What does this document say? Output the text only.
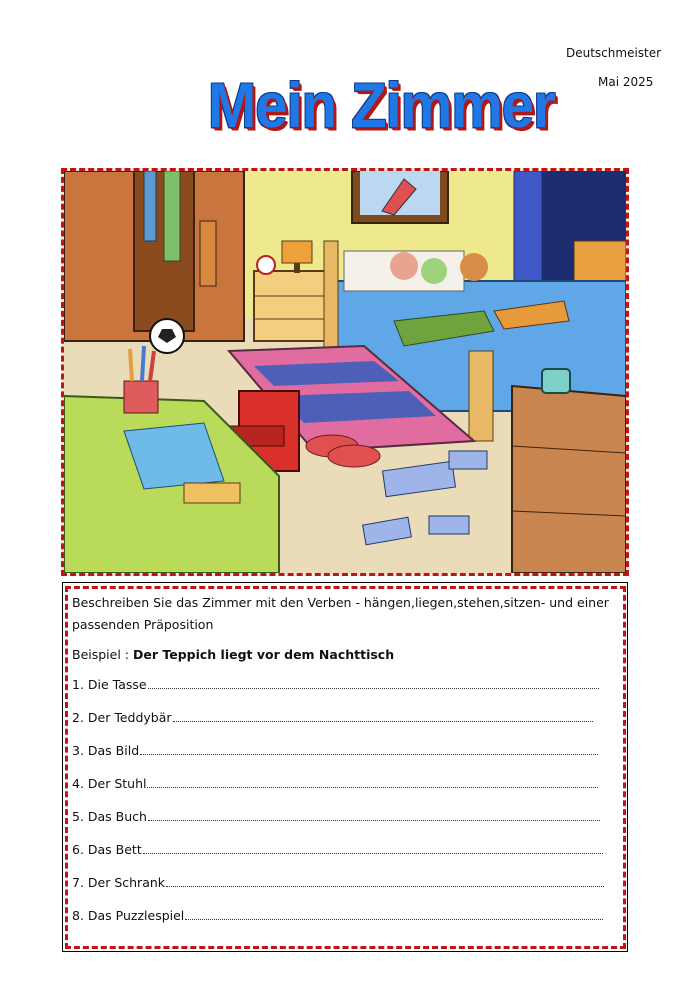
Deutschmeister
Mai 2025
Mein Zimmer
Beschreiben Sie das Zimmer mit den Verben - hängen,liegen,stehen,sitzen- und einer passenden Präposition
Beispiel : Der Teppich liegt vor dem Nachttisch
1. Die Tasse
2. Der Teddybär
3. Das Bild
4. Der Stuhl
5. Das Buch
6. Das Bett
7. Der Schrank
8. Das Puzzlespiel
